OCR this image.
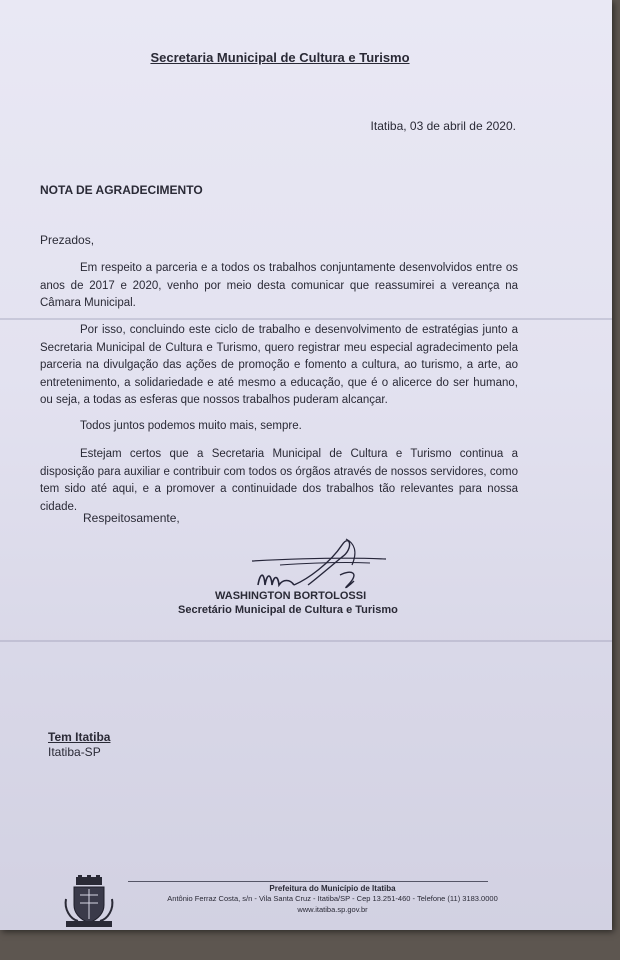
Secretaria Municipal de Cultura e Turismo
Itatiba, 03 de abril de 2020.
NOTA DE AGRADECIMENTO
Prezados,

Em respeito a parceria e a todos os trabalhos conjuntamente desenvolvidos entre os anos de 2017 e 2020, venho por meio desta comunicar que reassumirei a vereança na Câmara Municipal.

Por isso, concluindo este ciclo de trabalho e desenvolvimento de estratégias junto a Secretaria Municipal de Cultura e Turismo, quero registrar meu especial agradecimento pela parceria na divulgação das ações de promoção e fomento a cultura, ao turismo, a arte, ao entretenimento, a solidariedade e até mesmo a educação, que é o alicerce do ser humano, ou seja, a todas as esferas que nossos trabalhos puderam alcançar.

Todos juntos podemos muito mais, sempre.

Estejam certos que a Secretaria Municipal de Cultura e Turismo continua a disposição para auxiliar e contribuir com todos os órgãos através de nossos servidores, como tem sido até aqui, e a promover a continuidade dos trabalhos tão relevantes para nossa cidade.

Respeitosamente,
WASHINGTON BORTOLOSSI
Secretário Municipal de Cultura e Turismo
Tem Itatiba
Itatiba-SP
Prefeitura do Município de Itatiba
Antônio Ferraz Costa, s/n - Vila Santa Cruz - Itatiba/SP - Cep 13.251-460 - Telefone (11) 3183.0000
www.itatiba.sp.gov.br
